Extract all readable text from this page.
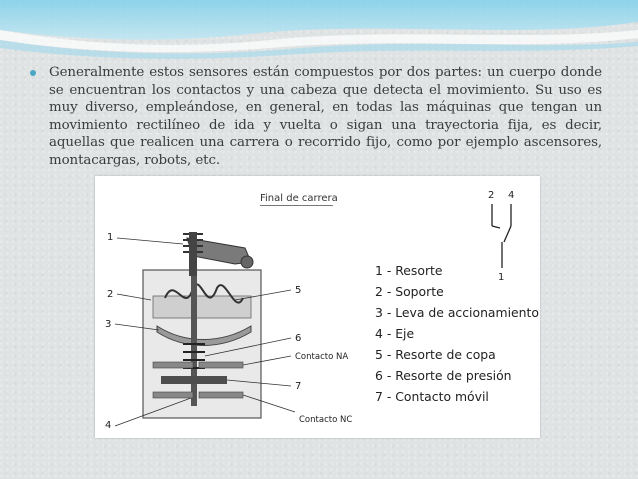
Generalmente estos sensores están compuestos por dos partes: un cuerpo donde se encuentran los contactos y una cabeza que detecta el movimiento. Su uso es muy diverso, empleándose, en general, en todas las máquinas que tengan un movimiento rectilíneo de ida y vuelta o sigan una trayectoria fija, es decir, aquellas que realicen una carrera o recorrido fijo, como por ejemplo ascensores, montacargas, robots, etc.

Final de carrera
1
2
3
4
5
6
7
Contacto NA
Contacto NC
2 4
1
1 - Resorte
2 - Soporte
3 - Leva de accionamiento
4 - Eje
5 - Resorte de copa
6 - Resorte de presión
7 - Contacto móvil
